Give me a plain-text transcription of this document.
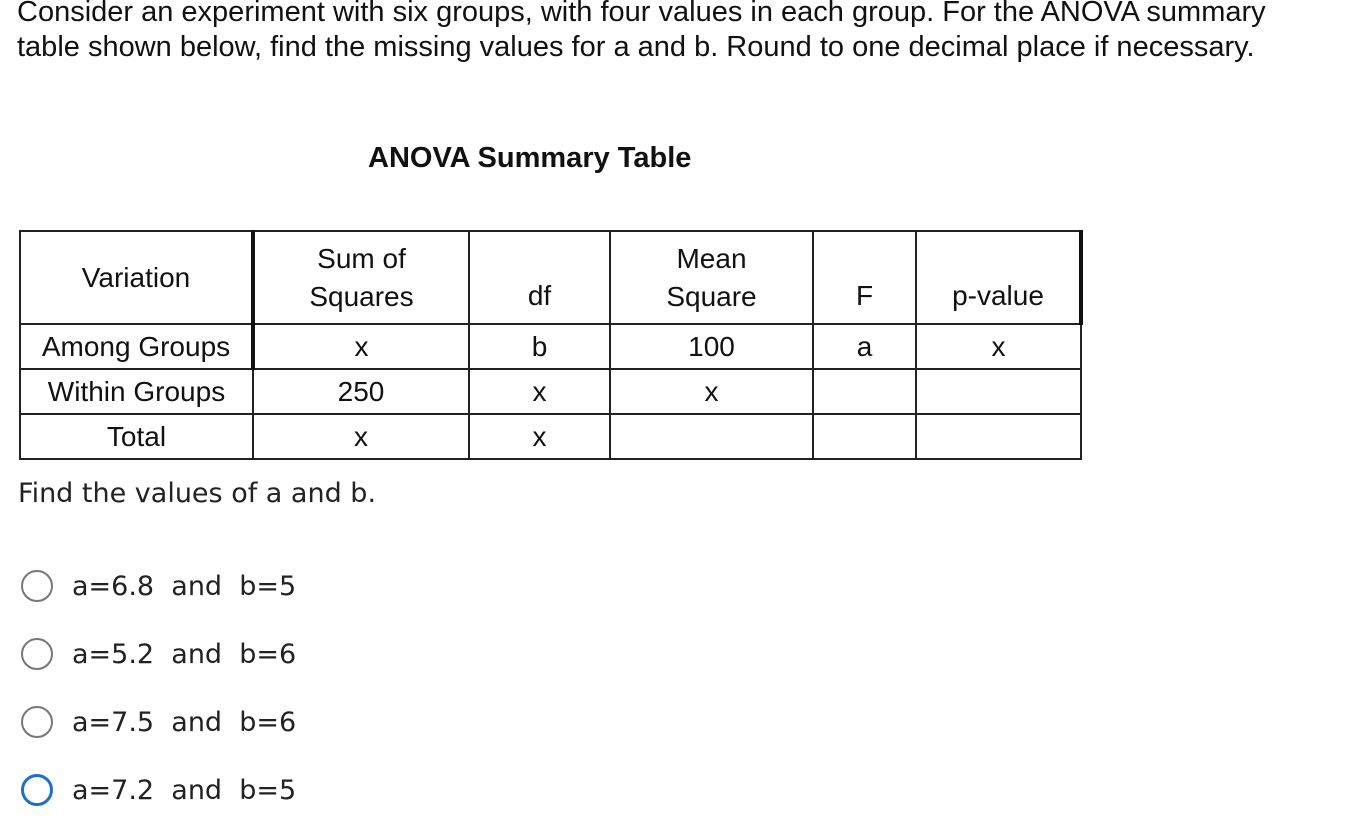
Consider an experiment with six groups, with four values in each group. For the ANOVA summary table shown below, find the missing values for a and b. Round to one decimal place if necessary.

ANOVA Summary Table

Variation	Sum of Squares	df	Mean Square	F	p-value
Among Groups	x	b	100	a	x
Within Groups	250	x	x		
Total	x	x			

Find the values of a and b.

a=6.8  and  b=5
a=5.2  and  b=6
a=7.5  and  b=6
a=7.2  and  b=5
